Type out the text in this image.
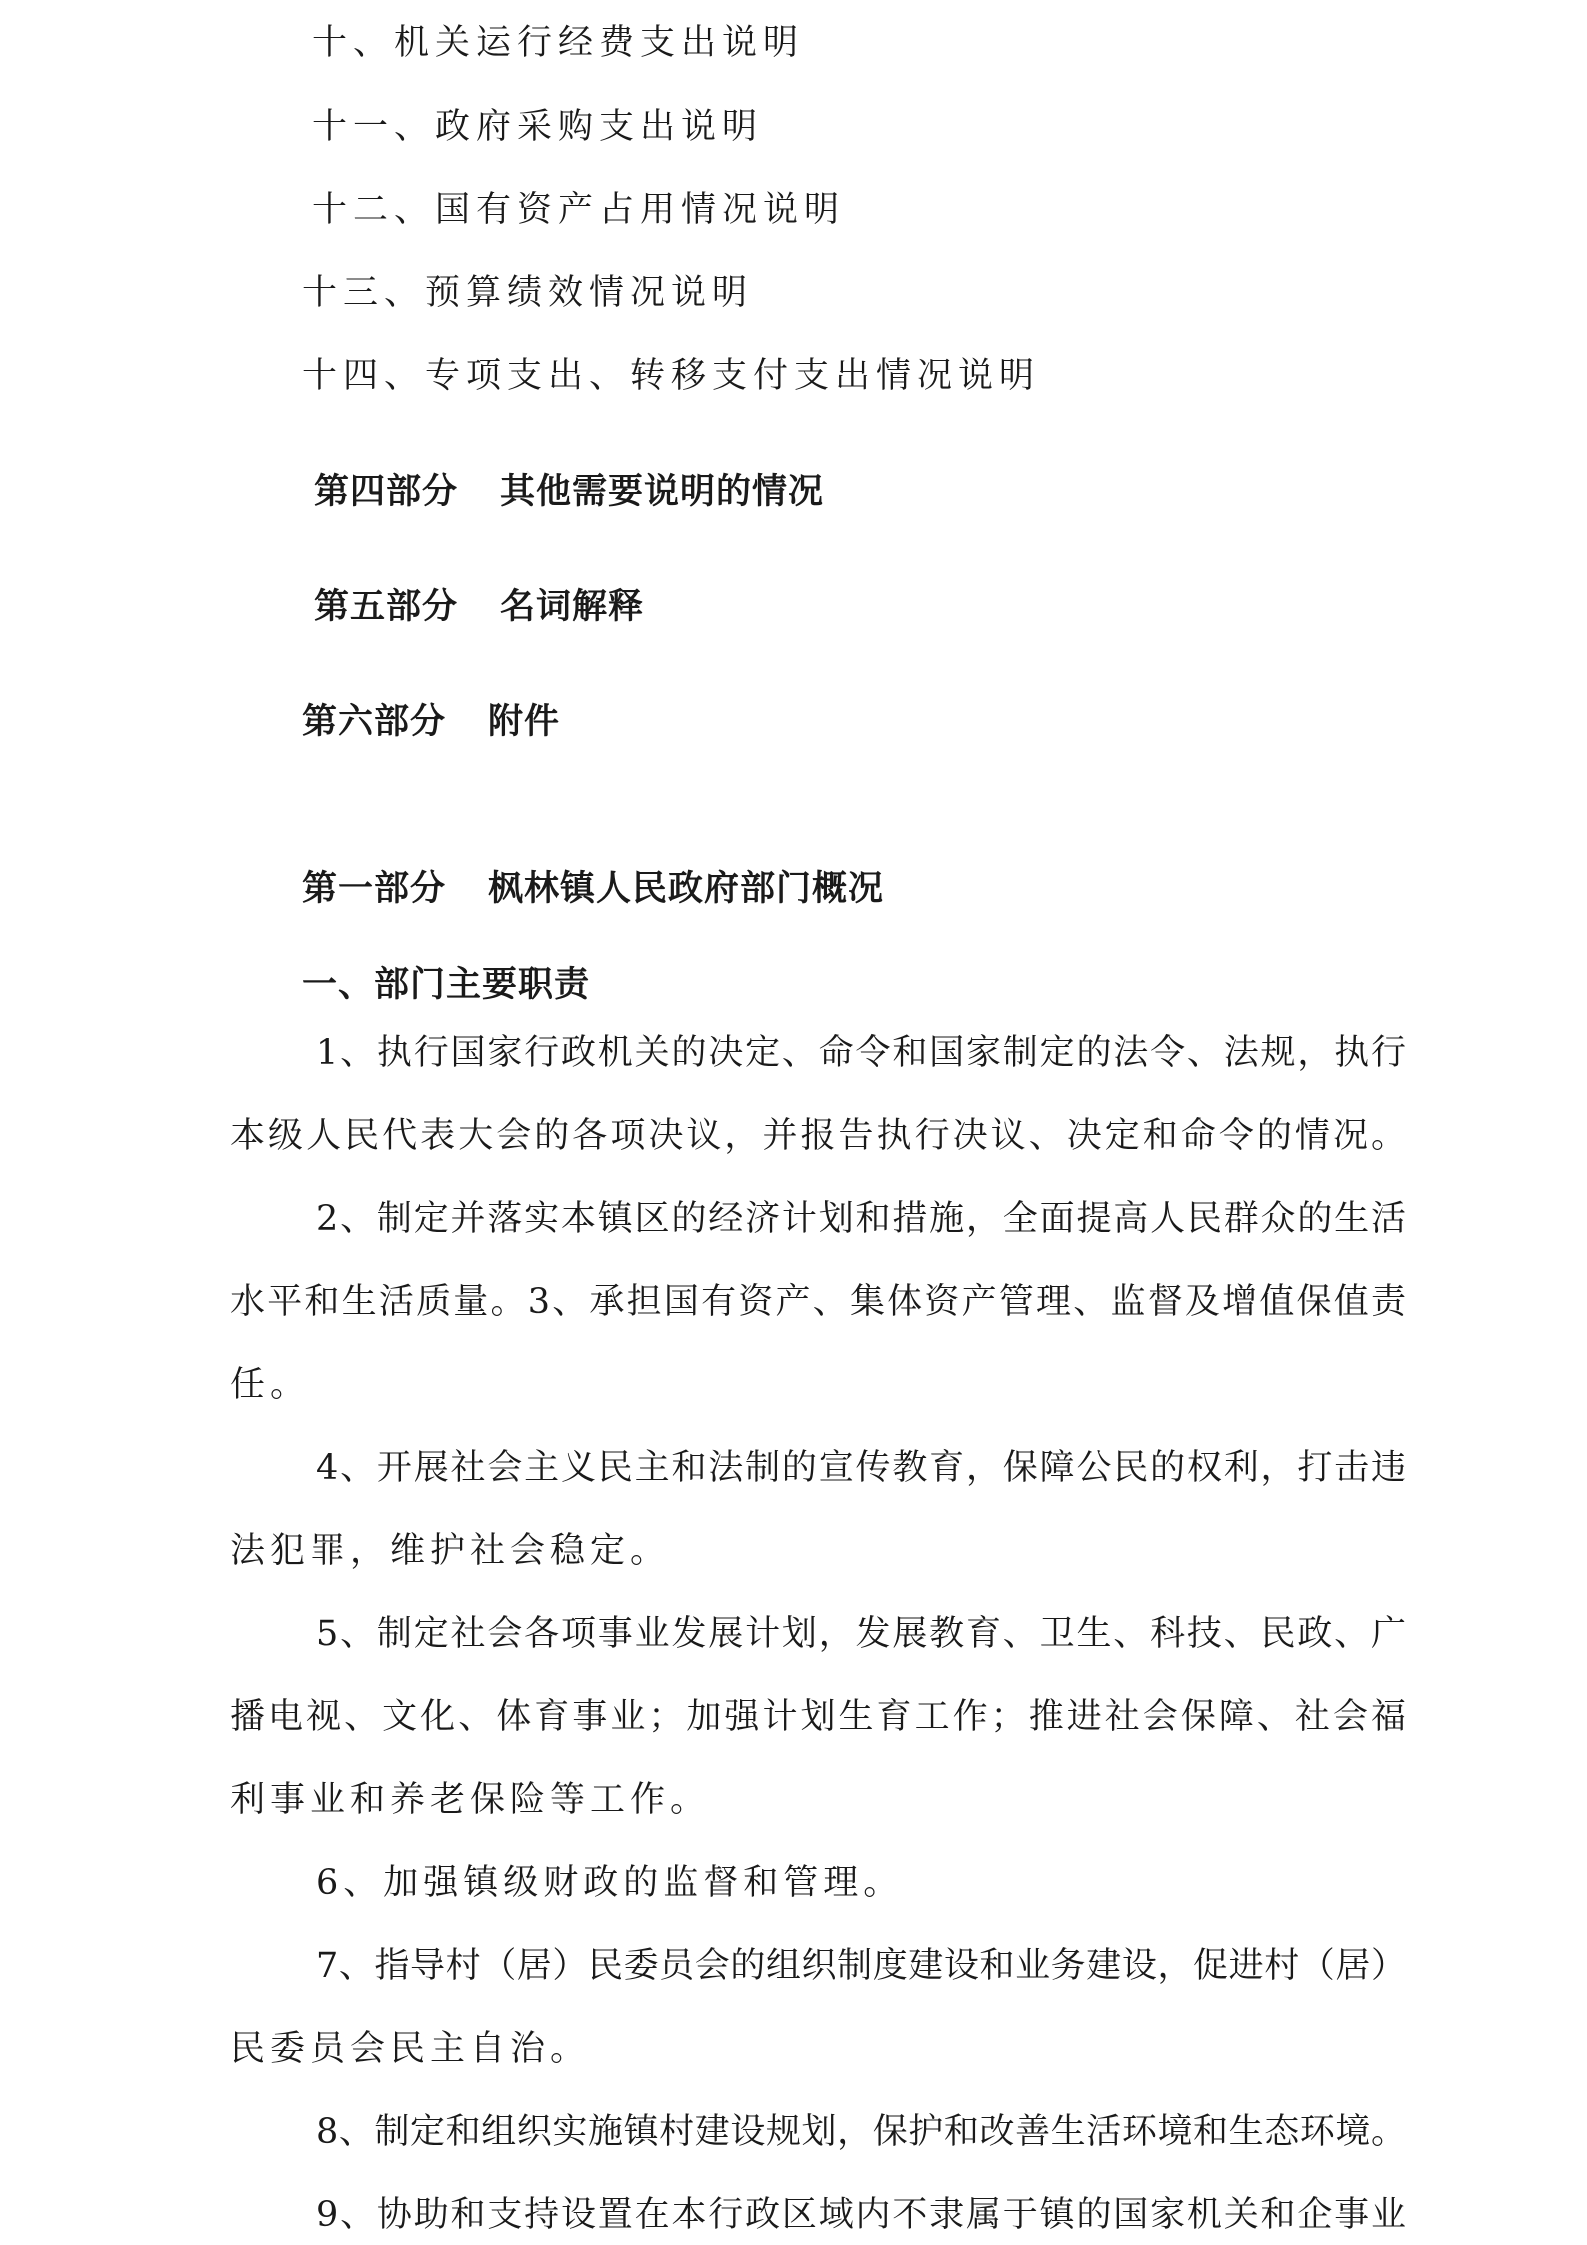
十、机关运行经费支出说明
十一、政府采购支出说明
十二、国有资产占用情况说明
十三、预算绩效情况说明
十四、专项支出、转移支付支出情况说明
第四部分 其他需要说明的情况
第五部分 名词解释
第六部分 附件
第一部分 枫林镇人民政府部门概况
一、部门主要职责
1、执行国家行政机关的决定、命令和国家制定的法令、法规，执行
本级人民代表大会的各项决议，并报告执行决议、决定和命令的情况。
2、制定并落实本镇区的经济计划和措施，全面提高人民群众的生活
水平和生活质量。3、承担国有资产、集体资产管理、监督及增值保值责
任。
4、开展社会主义民主和法制的宣传教育，保障公民的权利，打击违
法犯罪，维护社会稳定。
5、制定社会各项事业发展计划，发展教育、卫生、科技、民政、广
播电视、文化、体育事业；加强计划生育工作；推进社会保障、社会福
利事业和养老保险等工作。
6、加强镇级财政的监督和管理。
7、指导村（居）民委员会的组织制度建设和业务建设，促进村（居）
民委员会民主自治。
8、制定和组织实施镇村建设规划，保护和改善生活环境和生态环境。
9、协助和支持设置在本行政区域内不隶属于镇的国家机关和企事业
